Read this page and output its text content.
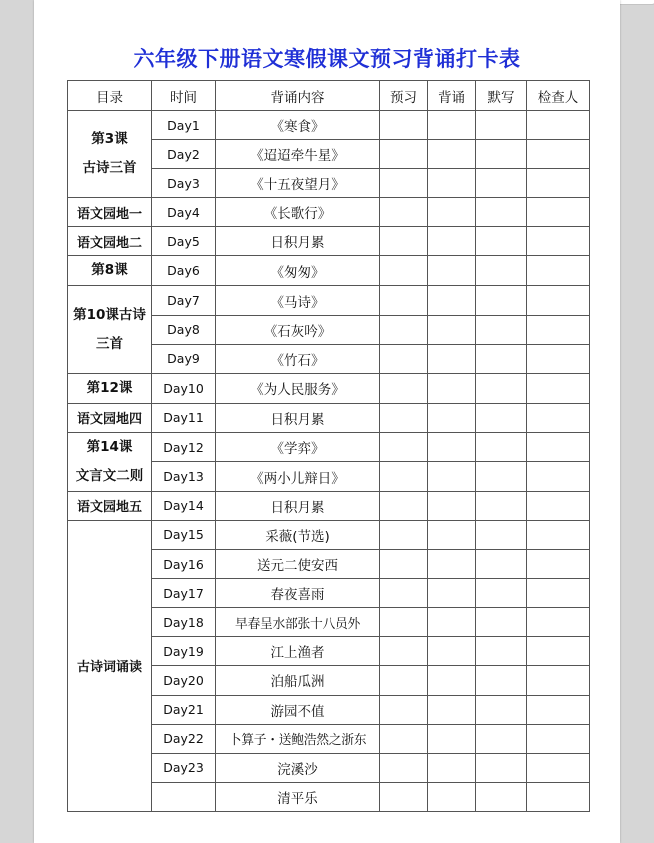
六年级下册语文寒假课文预习背诵打卡表
目录	时间	背诵内容	预习	背诵	默写	检查人

第3课
古诗三首	Day1	《寒食》				
	Day2	《迢迢牵牛星》				
	Day3	《十五夜望月》				

语文园地一	Day4	《长歌行》				

语文园地二	Day5	日积月累				

第8课	Day6	《匆匆》				

第10课古诗
三首	Day7	《马诗》				
	Day8	《石灰吟》				
	Day9	《竹石》				

第12课	Day10	《为人民服务》				

语文园地四	Day11	日积月累				

第14课
文言文二则	Day12	《学弈》				
	Day13	《两小儿辩日》				

语文园地五	Day14	日积月累				

古诗词诵读	Day15	采薇(节选)				
	Day16	送元二使安西				
	Day17	春夜喜雨				
	Day18	早春呈水部张十八员外				
	Day19	江上渔者				
	Day20	泊船瓜洲				
	Day21	游园不值				
	Day22	卜算子・送鲍浩然之浙东				
	Day23	浣溪沙				
		清平乐				
